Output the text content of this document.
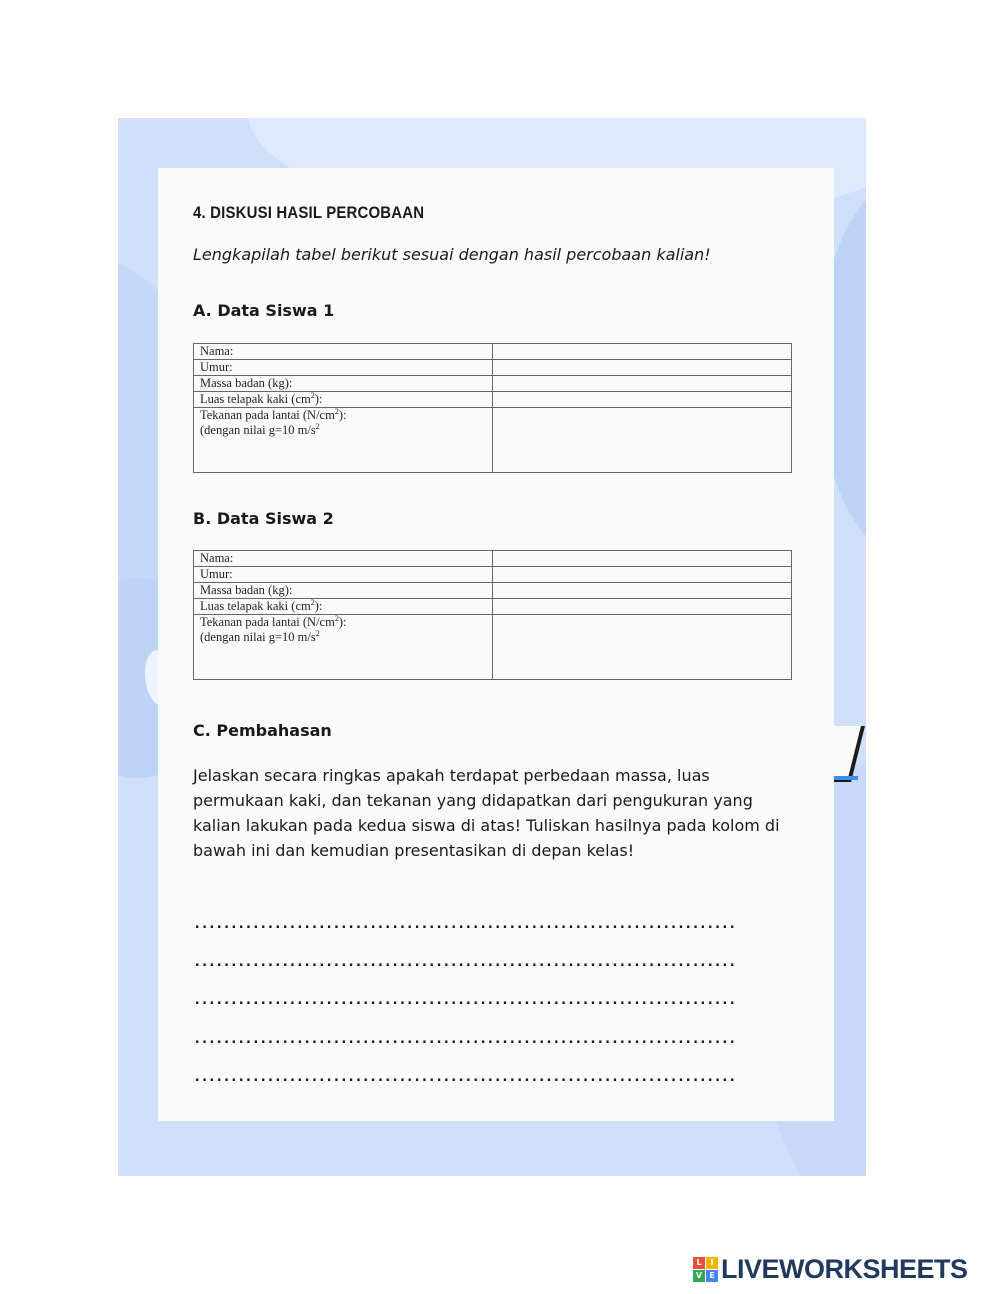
4. DISKUSI HASIL PERCOBAAN

Lengkapilah tabel berikut sesuai dengan hasil percobaan kalian!

A. Data Siswa 1
Nama:	
Umur:	
Massa badan (kg):	
Luas telapak kaki $(cm^2)$:	

Tekanan pada lantai $(N/cm^2)$:
(dengan nilai g=10 $m/s^2$

B. Data Siswa 2
Nama:	
Umur:	
Massa badan (kg):	
Luas telapak kaki $(cm^2)$:	

Tekanan pada lantai $(N/cm^2)$:
(dengan nilai g=10 $m/s^2$

C. Pembahasan

Jelaskan secara ringkas apakah terdapat perbedaan massa, luas permukaan kaki, dan tekanan yang didapatkan dari pengukuran yang kalian lakukan pada kedua siswa di atas! Tuliskan hasilnya pada kolom di bawah ini dan kemudian presentasikan di depan kelas!

..........................................................................

..........................................................................

..........................................................................

..........................................................................

..........................................................................

L	I
V E LIVEWORKSHEETS
